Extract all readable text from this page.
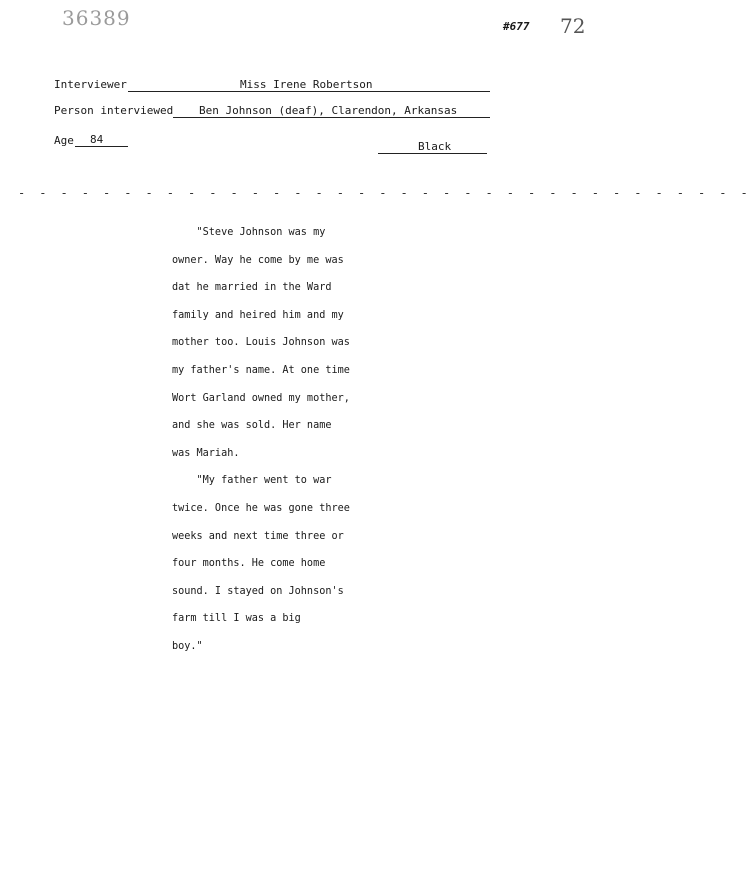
36389	#677 72
Interviewer	Miss Irene Robertson
Person interviewed Ben Johnson (deaf), Clarendon, Arkansas
Age 84
Black
- - - - - - - - - - - - - - - - - - - - - - - - - - - - - - - - - - -
"Steve Johnson was my
owner. Way he come by me was
dat he married in the Ward
family and heired him and my
mother too. Louis Johnson was
my father's name. At one time
Wort Garland owned my mother,
and she was sold. Her name
was Mariah.
"My father went to war
twice. Once he was gone three
weeks and next time three or
four months. He come home
sound. I stayed on Johnson's
farm till I was a big
boy."
